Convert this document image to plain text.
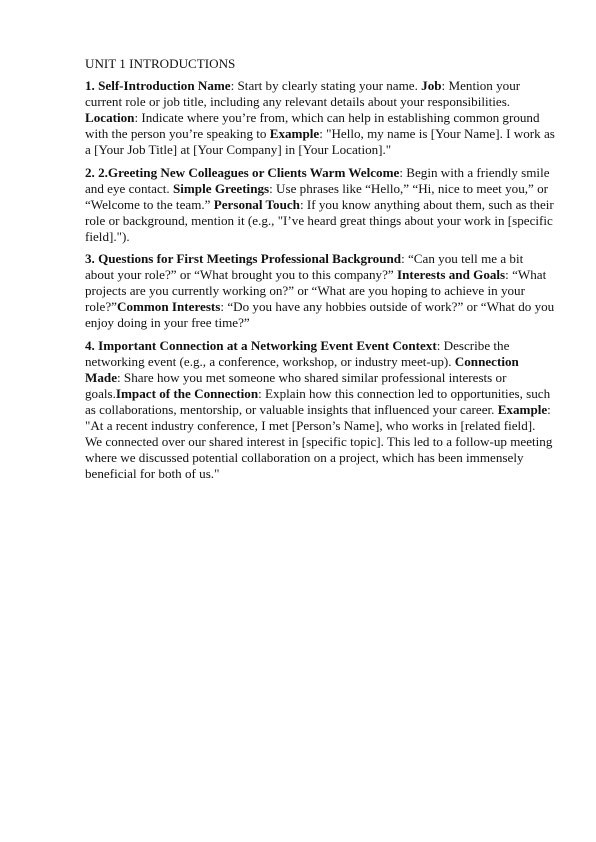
UNIT 1 INTRODUCTIONS

1. Self-Introduction Name: Start by clearly stating your name. Job: Mention your current role or job title, including any relevant details about your responsibilities. Location: Indicate where you’re from, which can help in establishing common ground with the person you’re speaking to Example: "Hello, my name is [Your Name]. I work as a [Your Job Title] at [Your Company] in [Your Location]."

2. 2.Greeting New Colleagues or Clients Warm Welcome: Begin with a friendly smile and eye contact. Simple Greetings: Use phrases like “Hello,” “Hi, nice to meet you,” or “Welcome to the team.” Personal Touch: If you know anything about them, such as their role or background, mention it (e.g., "I’ve heard great things about your work in [specific field].").

3. Questions for First Meetings Professional Background: “Can you tell me a bit about your role?” or “What brought you to this company?” Interests and Goals: “What projects are you currently working on?” or “What are you hoping to achieve in your role?”Common Interests: “Do you have any hobbies outside of work?” or “What do you enjoy doing in your free time?”

4. Important Connection at a Networking Event Event Context: Describe the networking event (e.g., a conference, workshop, or industry meet-up). Connection Made: Share how you met someone who shared similar professional interests or goals.Impact of the Connection: Explain how this connection led to opportunities, such as collaborations, mentorship, or valuable insights that influenced your career. Example: "At a recent industry conference, I met [Person’s Name], who works in [related field]. We connected over our shared interest in [specific topic]. This led to a follow-up meeting where we discussed potential collaboration on a project, which has been immensely beneficial for both of us."
